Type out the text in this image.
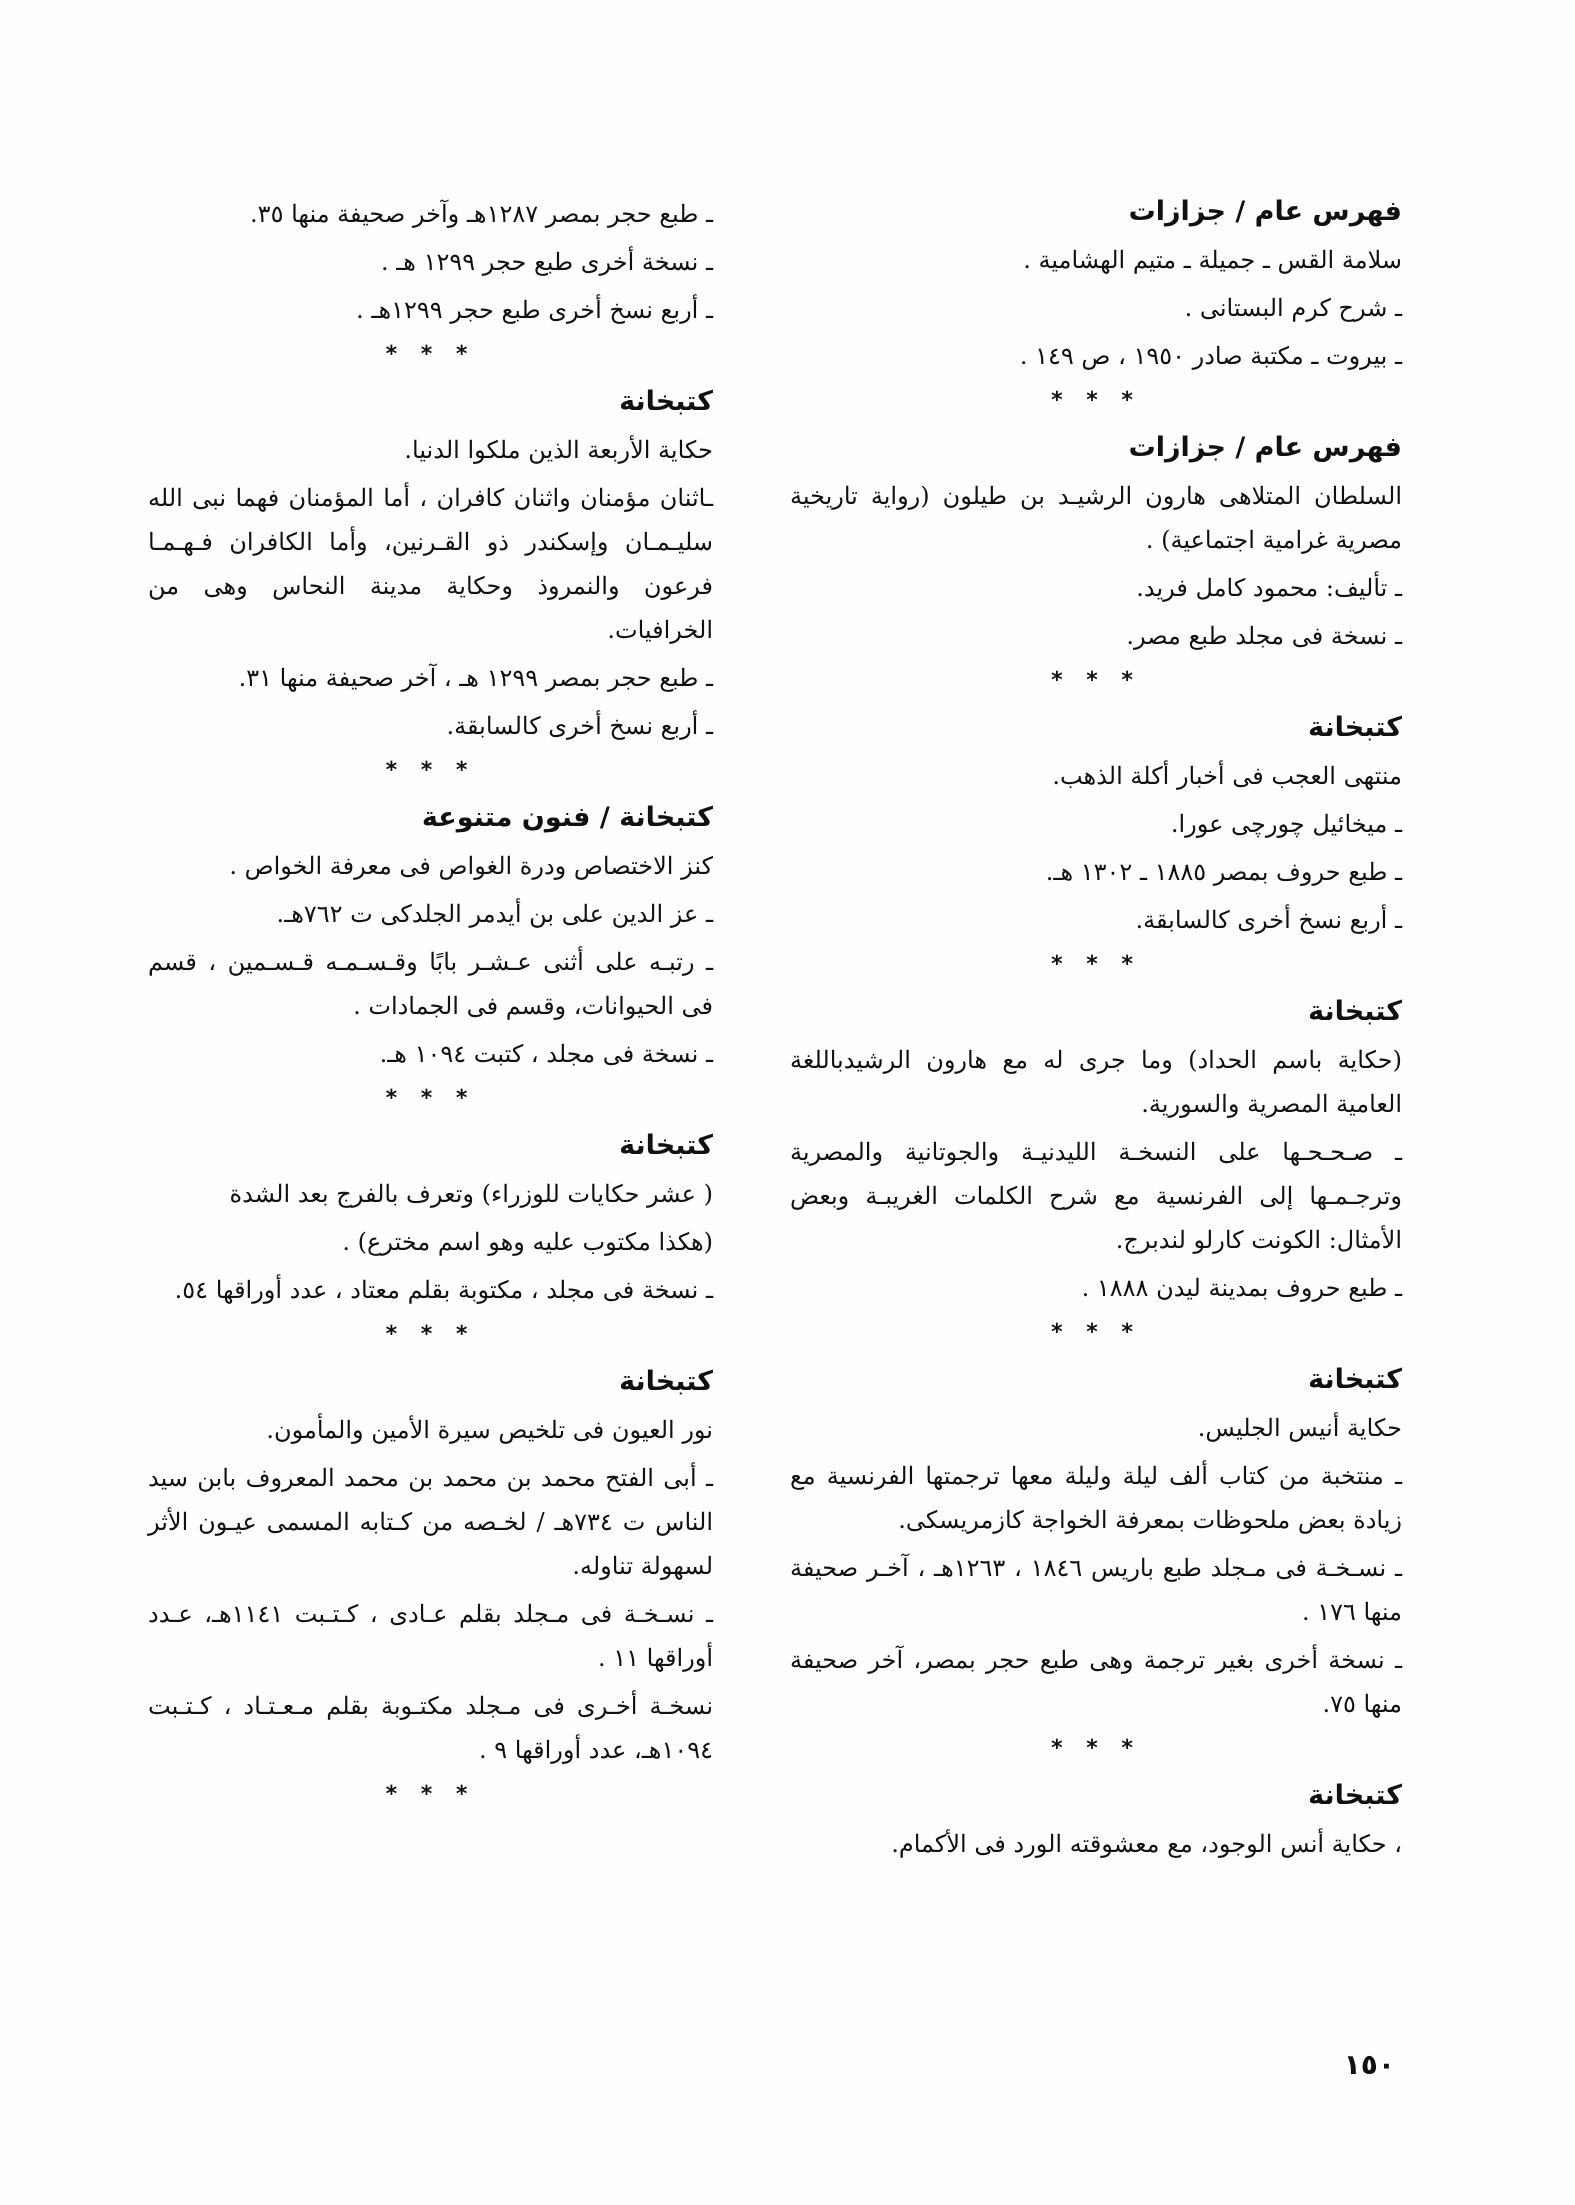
فهرس عام / جزازات
سلامة القس ـ جميلة ـ متيم الهشامية .
ـ شرح كرم البستانى .
ـ بيروت ـ مكتبة صادر ١٩٥٠ ، ص ١٤٩ .
* * *
فهرس عام / جزازات
السلطان المتلاهى هارون الرشيـد بن طيلون (رواية تاريخية مصرية غرامية اجتماعية) .
ـ تأليف: محمود كامل فريد.
ـ نسخة فى مجلد طبع مصر.
* * *
كتبخانة
منتهى العجب فى أخبار أكلة الذهب.
ـ ميخائيل چورچى عورا.
ـ طبع حروف بمصر ١٨٨٥ ـ ١٣٠٢ هـ.
ـ أربع نسخ أخرى كالسابقة.
* * *
كتبخانة
(حكاية باسم الحداد) وما جرى له مع هارون الرشيدباللغة العامية المصرية والسورية.
ـ صـحـحـها على النسخـة الليدنيـة والجوتانية والمصرية وترجـمـها إلى الفرنسية مع شرح الكلمات الغريبـة وبعض الأمثال: الكونت كارلو لندبرج.
ـ طبع حروف بمدينة ليدن ١٨٨٨ .
* * *
كتبخانة
حكاية أنيس الجليس.
ـ منتخبة من كتاب ألف ليلة وليلة معها ترجمتها الفرنسية مع زيادة بعض ملحوظات بمعرفة الخواجة كازمريسكى.
ـ نسـخـة فى مـجلد طبع باريس ١٨٤٦ ، ١٢٦٣هـ ، آخـر صحيفة منها ١٧٦ .
ـ نسخة أخرى بغير ترجمة وهى طبع حجر بمصر، آخر صحيفة منها ٧٥.
* * *
كتبخانة
، حكاية أنس الوجود، مع معشوقته الورد فى الأكمام.
ـ طبع حجر بمصر ١٢٨٧هـ وآخر صحيفة منها ٣٥.
ـ نسخة أخرى طبع حجر ١٢٩٩ هـ .
ـ أربع نسخ أخرى طبع حجر ١٢٩٩هـ .
* * *
كتبخانة
حكاية الأربعة الذين ملكوا الدنيا.
ـاثنان مؤمنان واثنان كافران ، أما المؤمنان فهما نبى الله سليـمـان وإسكندر ذو القـرنين، وأما الكافران فـهـمـا فرعون والنمروذ وحكاية مدينة النحاس وهى من الخرافيات.
ـ طبع حجر بمصر ١٢٩٩ هـ ، آخر صحيفة منها ٣١.
ـ أربع نسخ أخرى كالسابقة.
* * *
كتبخانة / فنون متنوعة
كنز الاختصاص ودرة الغواص فى معرفة الخواص .
ـ عز الدين على بن أيدمر الجلدكى ت ٧٦٢هـ.
ـ رتبـه على أثنى عـشـر بابًا وقـسـمـه قـسـمين ، قسم فى الحيوانات، وقسم فى الجمادات .
ـ نسخة فى مجلد ، كتبت ١٠٩٤ هـ.
* * *
كتبخانة
( عشر حكايات للوزراء) وتعرف بالفرج بعد الشدة
(هكذا مكتوب عليه وهو اسم مخترع) .
ـ نسخة فى مجلد ، مكتوبة بقلم معتاد ، عدد أوراقها ٥٤.
* * *
كتبخانة
نور العيون فى تلخيص سيرة الأمين والمأمون.
ـ أبى الفتح محمد بن محمد بن محمد المعروف بابن سيد الناس ت ٧٣٤هـ / لخـصه من كـتابه المسمى عيـون الأثر لسهولة تناوله.
ـ نسـخـة فى مـجلد بقلم عـادى ، كـتـبت ١١٤١هـ، عـدد أوراقها ١١ .
نسخـة أخـرى فى مـجلد مكتـوبة بقلم مـعـتـاد ، كـتـبت ١٠٩٤هـ، عدد أوراقها ٩ .
* * *
١٥٠
